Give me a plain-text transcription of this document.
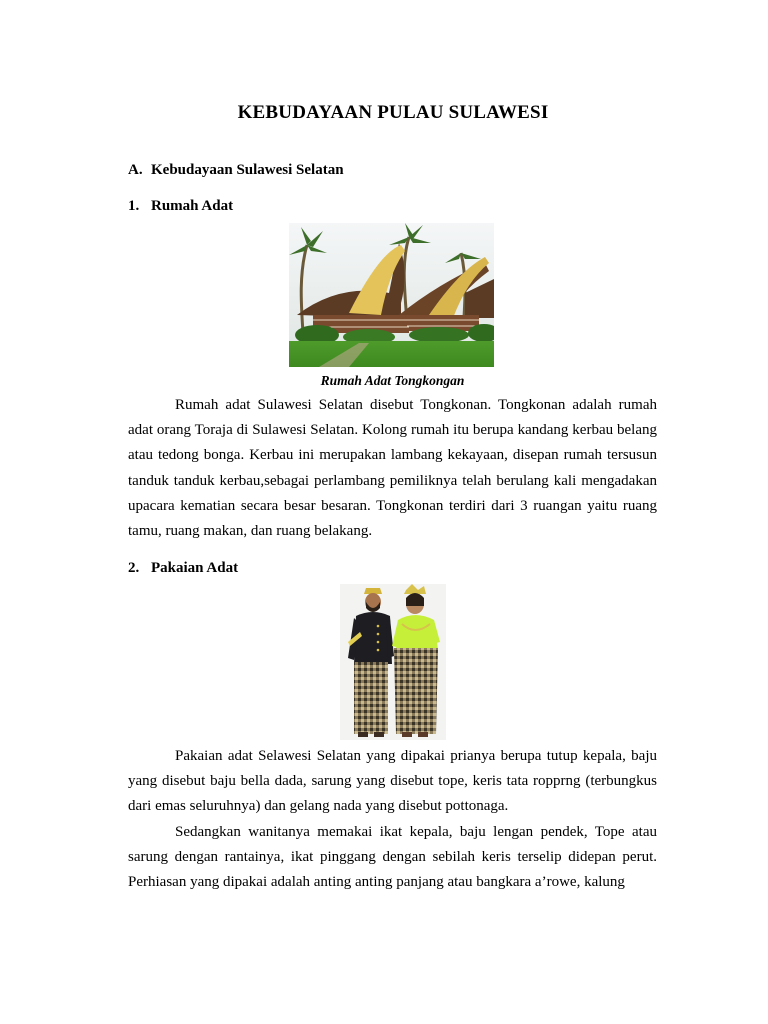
KEBUDAYAAN PULAU SULAWESI
A. Kebudayaan Sulawesi Selatan
1. Rumah Adat
Rumah Adat Tongkongan

Rumah adat Sulawesi Selatan disebut Tongkonan. Tongkonan adalah rumah adat orang Toraja di Sulawesi Selatan. Kolong rumah itu berupa kandang kerbau belang atau tedong bonga. Kerbau ini merupakan lambang kekayaan, disepan rumah tersusun tanduk tanduk kerbau,sebagai perlambang pemiliknya telah berulang kali mengadakan upacara kematian secara besar besaran. Tongkonan terdiri dari 3 ruangan yaitu ruang tamu, ruang makan, dan ruang belakang.

2. Pakaian Adat

Pakaian adat Selawesi Selatan yang dipakai prianya berupa tutup kepala, baju yang disebut baju bella dada, sarung yang disebut tope, keris tata ropprng (terbungkus dari emas seluruhnya) dan gelang nada yang disebut pottonaga.

Sedangkan wanitanya memakai ikat kepala, baju lengan pendek, Tope atau sarung dengan rantainya, ikat pinggang dengan sebilah keris terselip didepan perut. Perhiasan yang dipakai adalah anting anting panjang atau bangkara a’rowe, kalung
